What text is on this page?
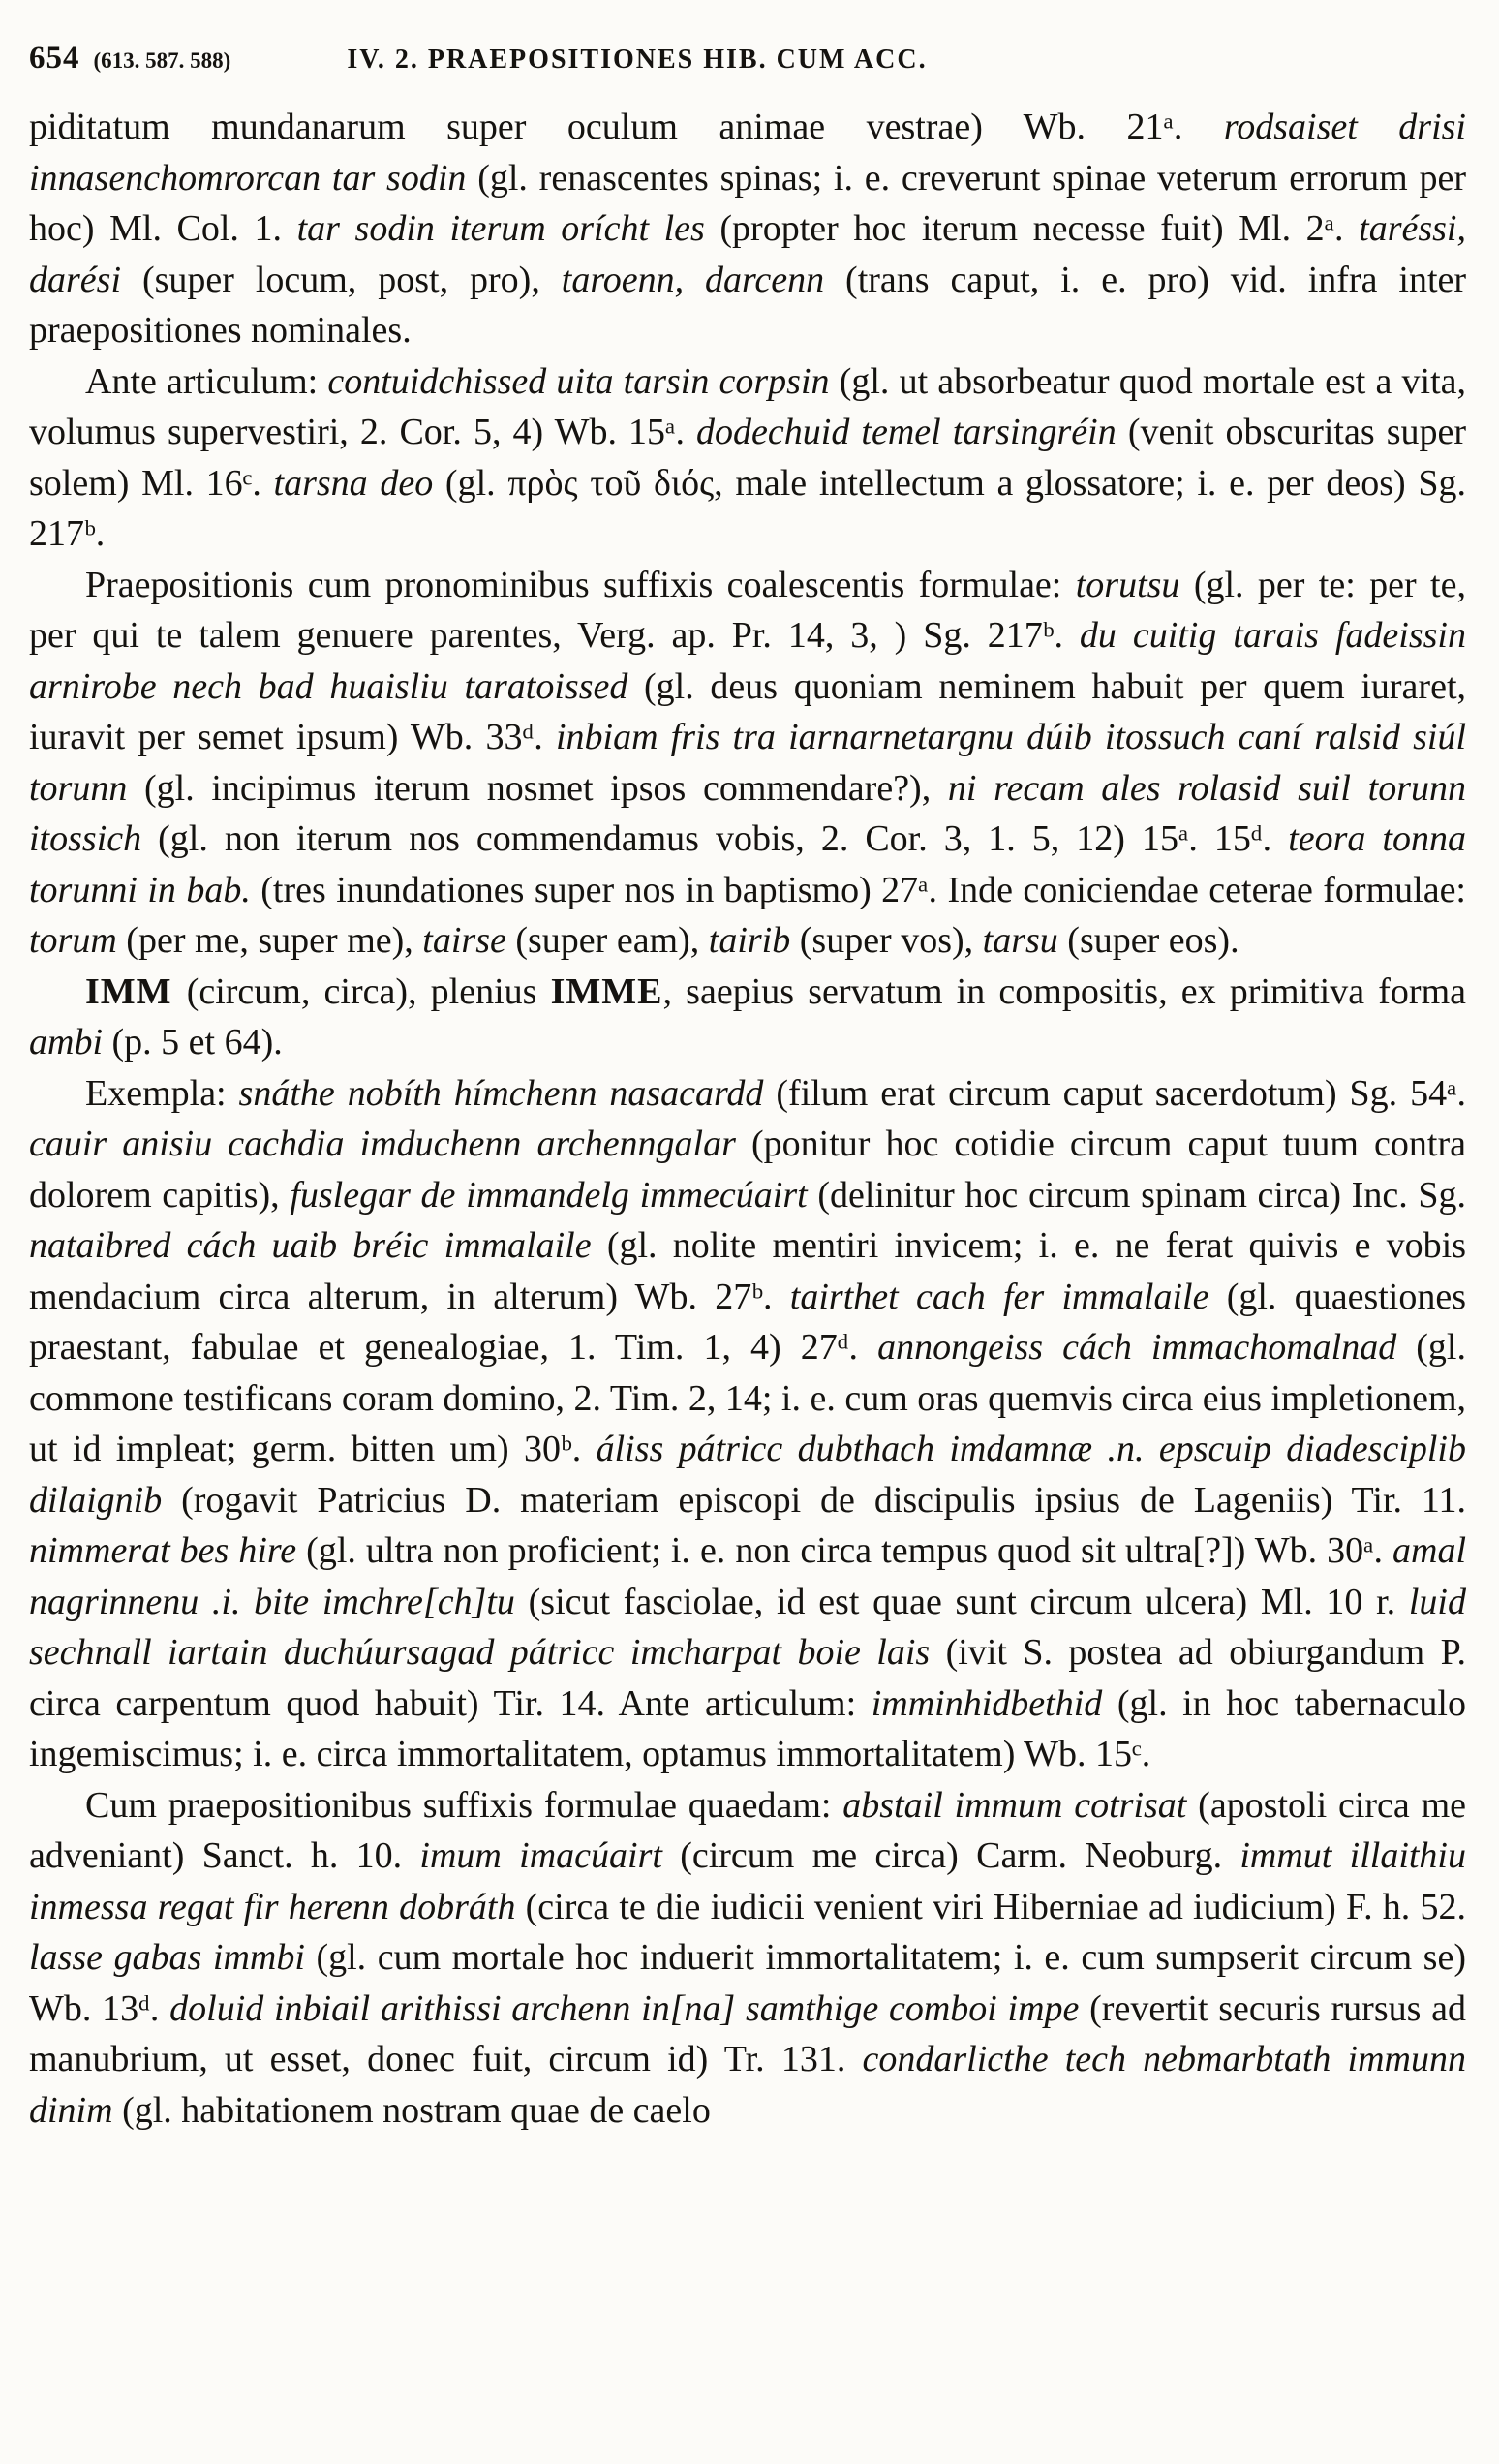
654 (613. 587. 588)	IV. 2. PRAEPOSITIONES HIB. CUM ACC.

piditatum mundanarum super oculum animae vestrae) Wb. 21ᵃ. rodsaiset drisi innasenchomrorcan tar sodin (gl. renascentes spinas; i. e. creverunt spinae veterum errorum per hoc) Ml. Col. 1. tar sodin iterum orícht les (propter hoc iterum necesse fuit) Ml. 2ᵃ. taréssi, darési (super locum, post, pro), taroenn, darcenn (trans caput, i. e. pro) vid. infra inter praepositiones nominales.

Ante articulum: contuidchissed uita tarsin corpsin (gl. ut absorbeatur quod mortale est a vita, volumus supervestiri, 2. Cor. 5, 4) Wb. 15ᵃ. dodechuid temel tarsingréin (venit obscuritas super solem) Ml. 16ᶜ. tarsna deo (gl. πρὸς τοῦ διός, male intellectum a glossatore; i. e. per deos) Sg. 217ᵇ.

Praepositionis cum pronominibus suffixis coalescentis formulae: torutsu (gl. per te: per te, per qui te talem genuere parentes, Verg. ap. Pr. 14, 3, ) Sg. 217ᵇ. du cuitig tarais fadeissin arnirobe nech bad huaisliu taratoissed (gl. deus quoniam neminem habuit per quem iuraret, iuravit per semet ipsum) Wb. 33ᵈ. inbiam fris tra iarnarnetargnu dúib itossuch caní ralsid siúl torunn (gl. incipimus iterum nosmet ipsos commendare?), ni recam ales rolasid suil torunn itossich (gl. non iterum nos commendamus vobis, 2. Cor. 3, 1. 5, 12) 15ᵃ. 15ᵈ. teora tonna torunni in bab. (tres inundationes super nos in baptismo) 27ᵃ. Inde coniciendae ceterae formulae: torum (per me, super me), tairse (super eam), tairib (super vos), tarsu (super eos).

IMM (circum, circa), plenius IMME, saepius servatum in compositis, ex primitiva forma ambi (p. 5 et 64).

Exempla: snáthe nobíth hímchenn nasacardd (filum erat circum caput sacerdotum) Sg. 54ᵃ. cauir anisiu cachdia imduchenn archenngalar (ponitur hoc cotidie circum caput tuum contra dolorem capitis), fuslegar de immandelg immecúairt (delinitur hoc circum spinam circa) Inc. Sg. nataibred cách uaib bréic immalaile (gl. nolite mentiri invicem; i. e. ne ferat quivis e vobis mendacium circa alterum, in alterum) Wb. 27ᵇ. tairthet cach fer immalaile (gl. quaestiones praestant, fabulae et genealogiae, 1. Tim. 1, 4) 27ᵈ. annongeiss cách immachomalnad (gl. commone testificans coram domino, 2. Tim. 2, 14; i. e. cum oras quemvis circa eius impletionem, ut id impleat; germ. bitten um) 30ᵇ. áliss pátricc dubthach imdamnæ .n. epscuip diadesciplib dilaignib (rogavit Patricius D. materiam episcopi de discipulis ipsius de Lageniis) Tir. 11. nimmerat bes hire (gl. ultra non proficient; i. e. non circa tempus quod sit ultra[?]) Wb. 30ᵃ. amal nagrinnenu .i. bite imchre[ch]tu (sicut fasciolae, id est quae sunt circum ulcera) Ml. 10 r. luid sechnall iartain duchúursagad pátricc imcharpat boie lais (ivit S. postea ad obiurgandum P. circa carpentum quod habuit) Tir. 14. Ante articulum: imminhidbethid (gl. in hoc tabernaculo ingemiscimus; i. e. circa immortalitatem, optamus immortalitatem) Wb. 15ᶜ.

Cum praepositionibus suffixis formulae quaedam: abstail immum cotrisat (apostoli circa me adveniant) Sanct. h. 10. imum imacúairt (circum me circa) Carm. Neoburg. immut illaithiu inmessa regat fir herenn dobráth (circa te die iudicii venient viri Hiberniae ad iudicium) F. h. 52. lasse gabas immbi (gl. cum mortale hoc induerit immortalitatem; i. e. cum sumpserit circum se) Wb. 13ᵈ. doluid inbiail arithissi archenn in[na] samthige comboi impe (revertit securis rursus ad manubrium, ut esset, donec fuit, circum id) Tr. 131. condarlicthe tech nebmarbtath immunn dinim (gl. habitationem nostram quae de caelo
